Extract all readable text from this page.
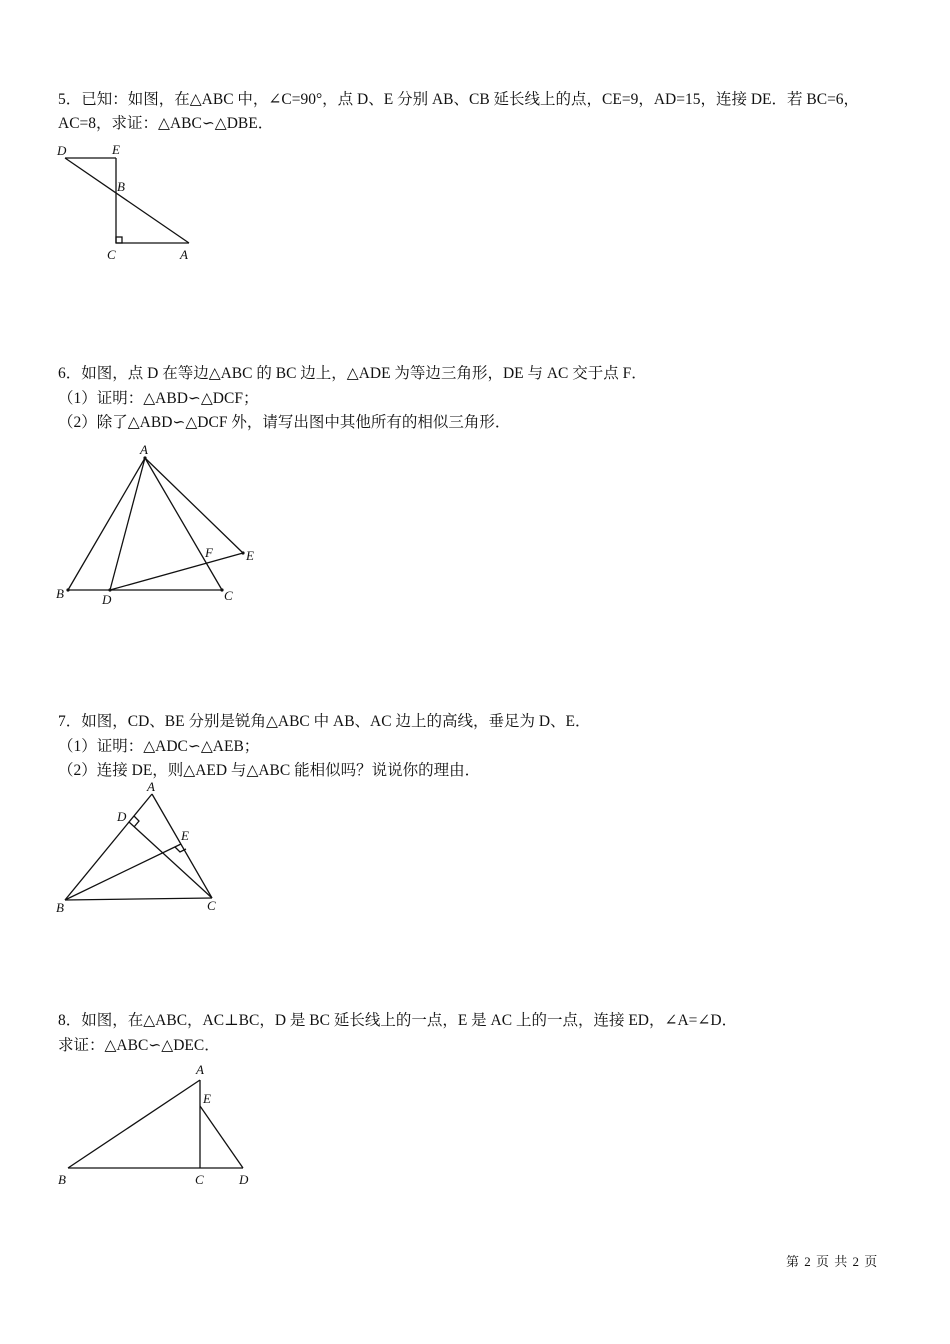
5．已知：如图，在△ABC 中，∠C=90°，点 D、E 分别 AB、CB 延长线上的点，CE=9，AD=15，连接 DE．若 BC=6，
AC=8，求证：△ABC∽△DBE．
D	E
B
C	A
6．如图，点 D 在等边△ABC 的 BC 边上，△ADE 为等边三角形，DE 与 AC 交于点 F．
（1）证明：△ABD∽△DCF；
（2）除了△ABD∽△DCF 外，请写出图中其他所有的相似三角形．
A
B	D	C
E
F
7．如图，CD、BE 分别是锐角△ABC 中 AB、AC 边上的高线，垂足为 D、E．
（1）证明：△ADC∽△AEB；
（2）连接 DE，则△AED 与△ABC 能相似吗？说说你的理由．
A
D
E
B	C
8．如图，在△ABC，AC⊥BC，D 是 BC 延长线上的一点，E 是 AC 上的一点，连接 ED，∠A=∠D．
求证：△ABC∽△DEC．
A
E
B	C	D
第 2 页 共 2 页
